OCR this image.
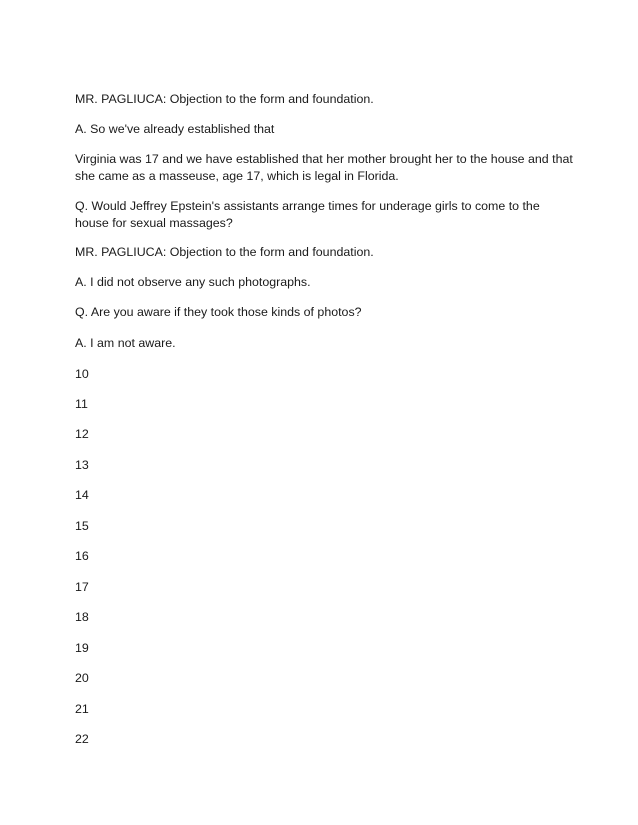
MR. PAGLIUCA: Objection to the form and foundation.

A. So we've already established that

Virginia was 17 and we have established that her mother brought her to the house and that she came as a masseuse, age 17, which is legal in Florida.

Q. Would Jeffrey Epstein's assistants arrange times for underage girls to come to the house for sexual massages?

MR. PAGLIUCA: Objection to the form and foundation.

A. I did not observe any such photographs.

Q. Are you aware if they took those kinds of photos?

A. I am not aware.

10

11

12

13

14

15

16

17

18

19

20

21

22
